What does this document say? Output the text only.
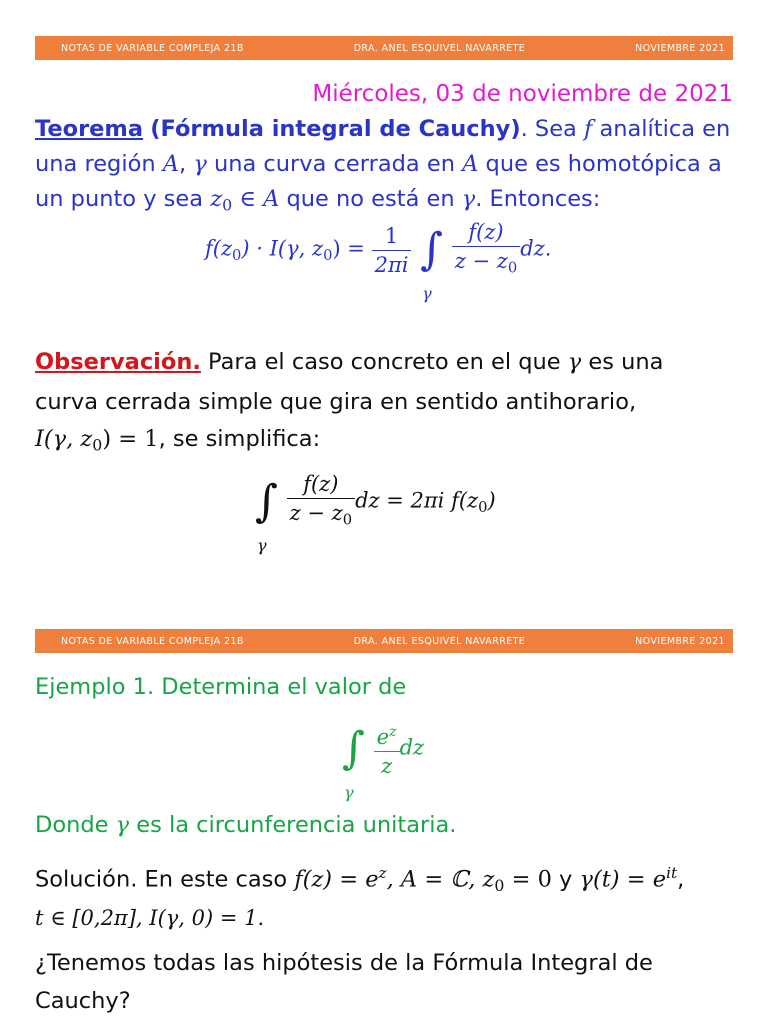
NOTAS DE VARIABLE COMPLEJA 21B	DRA. ANEL ESQUIVEL NAVARRETE	NOVIEMBRE 2021
Miércoles, 03 de noviembre de 2021
Teorema (Fórmula integral de Cauchy). Sea f analítica en
una región A, γ una curva cerrada en A que es homotópica a
un punto y sea $z_0$ ∈ A que no está en γ. Entonces:
$f(z_0) \cdot I(\gamma$, $z_0) = \frac{1}{2\pi i}$ ∫
γ

$\frac{f(z)}{z - z_0}$ dz.
Observación. Para el caso concreto en el que γ es una
curva cerrada simple que gira en sentido antihorario,
I(γ, $z_0) = 1$, se simplifica:
∫
γ

$\frac{f(z)}{z - z_0}$ dz = 2πi $f(z_0)$
NOTAS DE VARIABLE COMPLEJA 21B	DRA. ANEL ESQUIVEL NAVARRETE	NOVIEMBRE 2021
Ejemplo 1. Determina el valor de
∫
γ

$\frac{e^z}{z}$ dz
Donde γ es la circunferencia unitaria.
Solución. En este caso $f(z) = e^z$, A = ℂ, $z_0 = 0$ y $\gamma(t) = e^{it}$,
t ∈ [0,2π], I(γ, 0) = 1.
¿Tenemos todas las hipótesis de la Fórmula Integral de
Cauchy?
